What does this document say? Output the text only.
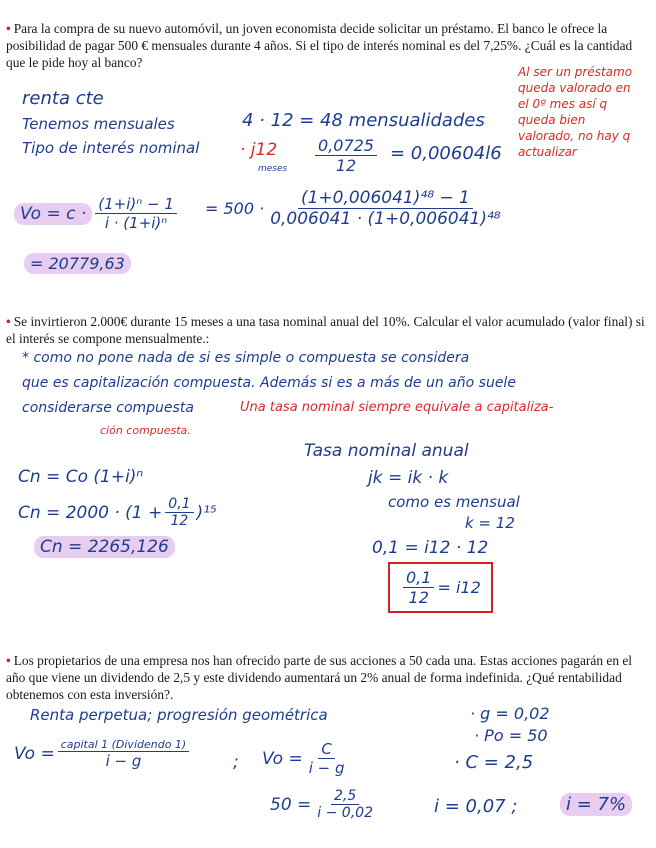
• Para la compra de su nuevo automóvil, un joven economista decide solicitar un préstamo. El banco le ofrece la posibilidad de pagar 500 € mensuales durante 4 años. Si el tipo de interés nominal es del 7,25%. ¿Cuál es la cantidad que le pide hoy al banco?
renta cte
Tenemos mensuales
Tipo de interés nominal
4 · 12 = 48 mensualidades
· j12
meses $\frac{0,0725}{12} = 0,00604l6$
Al ser un préstamo queda valorado en el 0º mes así q queda bien valorado, no hay q actualizar
$Vo = c \cdot \frac{\text{(1+i)ⁿ − 1}}{\text{i · (1+i)ⁿ}} = 500 \cdot \frac{\text{(1+0,006041)⁴⁸ − 1}}{\text{0,006041 · (1+0,006041)⁴⁸}}$
= 20779,63
• Se invirtieron 2.000€ durante 15 meses a una tasa nominal anual del 10%. Calcular el valor acumulado (valor final) si el interés se compone mensualmente.:
* como no pone nada de si es simple o compuesta se considera
que es capitalización compuesta. Además si es a más de un año suele
considerarse compuesta	Una tasa nominal siempre equivale a capitaliza-
ción compuesta.
Cn = Co (1+i)ⁿ
$Cn = 2000 \cdot (1 + \frac{0,1}{12} )^{15}$
Cn = 2265,126
Tasa nominal anual
jk = ik · k
como es mensual
k = 12
0,1 = i12 · 12
$\frac{0,1}{12} = i12$
• Los propietarios de una empresa nos han ofrecido parte de sus acciones a 50 cada una. Estas acciones pagarán en el año que viene un dividendo de 2,5 y este dividendo aumentará un 2% anual de forma indefinida. ¿Qué rentabilidad obtenemos con esta inversión?.
Renta perpetua; progresión geométrica
$Vo = \frac{\text{capital 1 (Dividendo 1)}}{i - g}$	; $Vo = \frac{C}{i - g}$
$50 = \frac{2,5}{i - 0,02}$
· g = 0,02
· Po = 50
· C = 2,5
i = 0,07 ;	i = 7%
